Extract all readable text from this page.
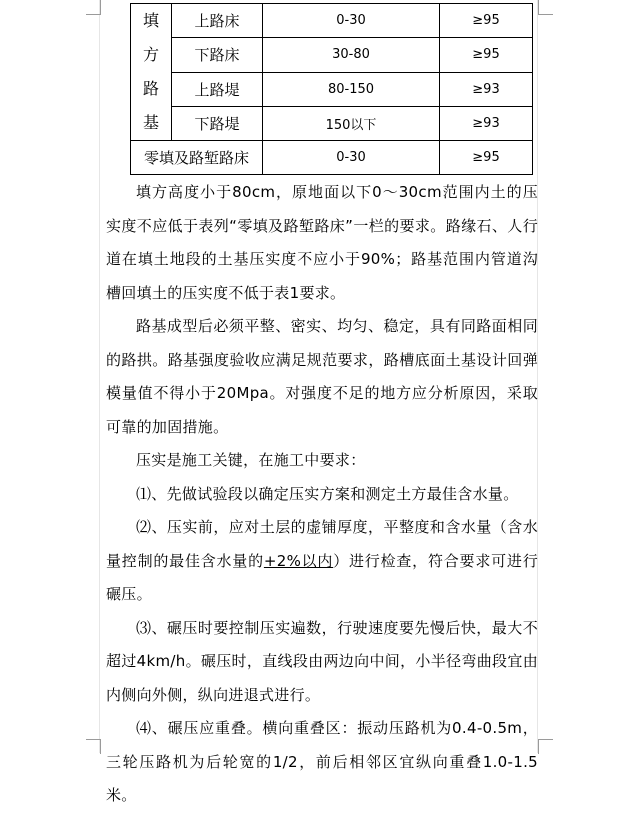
填
方
路
基	上路床	0-30	≥95
	下路床	30-80	≥95
	上路堤	80-150	≥93
	下路堤	150以下	≥93
零填及路堑路床		0-30	≥95

填方高度小于80cm，原地面以下0～30cm范围内土的压实度不应低于表列“零填及路堑路床”一栏的要求。路缘石、人行道在填土地段的土基压实度不应小于90%；路基范围内管道沟槽回填土的压实度不低于表1要求。

路基成型后必须平整、密实、均匀、稳定，具有同路面相同的路拱。路基强度验收应满足规范要求，路槽底面土基设计回弹模量值不得小于20Mpa。对强度不足的地方应分析原因，采取可靠的加固措施。

压实是施工关键，在施工中要求：

⑴、先做试验段以确定压实方案和测定土方最佳含水量。

⑵、压实前，应对土层的虚铺厚度，平整度和含水量（含水量控制的最佳含水量的+2%以内）进行检查，符合要求可进行碾压。

⑶、碾压时要控制压实遍数，行驶速度要先慢后快，最大不超过4km/h。碾压时，直线段由两边向中间，小半径弯曲段宜由内侧向外侧，纵向进退式进行。

⑷、碾压应重叠。横向重叠区：振动压路机为0.4-0.5m，三轮压路机为后轮宽的1/2，前后相邻区宜纵向重叠1.0-1.5米。
